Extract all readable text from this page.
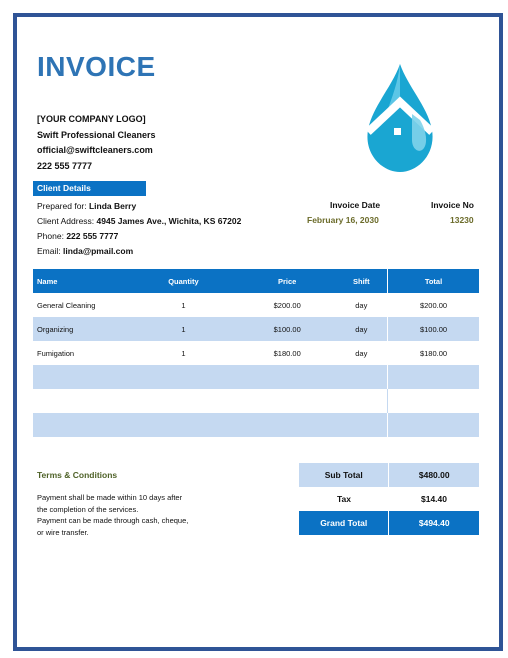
INVOICE
[YOUR COMPANY LOGO]
Swift Professional Cleaners
official@swiftcleaners.com
222 555 7777
Client Details
Prepared for: Linda Berry
Client Address: 4945 James Ave., Wichita, KS 67202
Phone: 222 555 7777
Email: linda@pmail.com
Invoice Date
February 16, 2030
Invoice No
13230
Name	Quantity	Price	Shift	Total
General Cleaning	1	$200.00	day	$200.00
Organizing	1	$100.00	day	$100.00
Fumigation	1	$180.00	day	$180.00

Terms & Conditions
Payment shall be made within 10 days after
the completion of the services.
Payment can be made through cash, cheque,
or wire transfer.
Sub Total	$480.00
Tax	$14.40
Grand Total	$494.40
